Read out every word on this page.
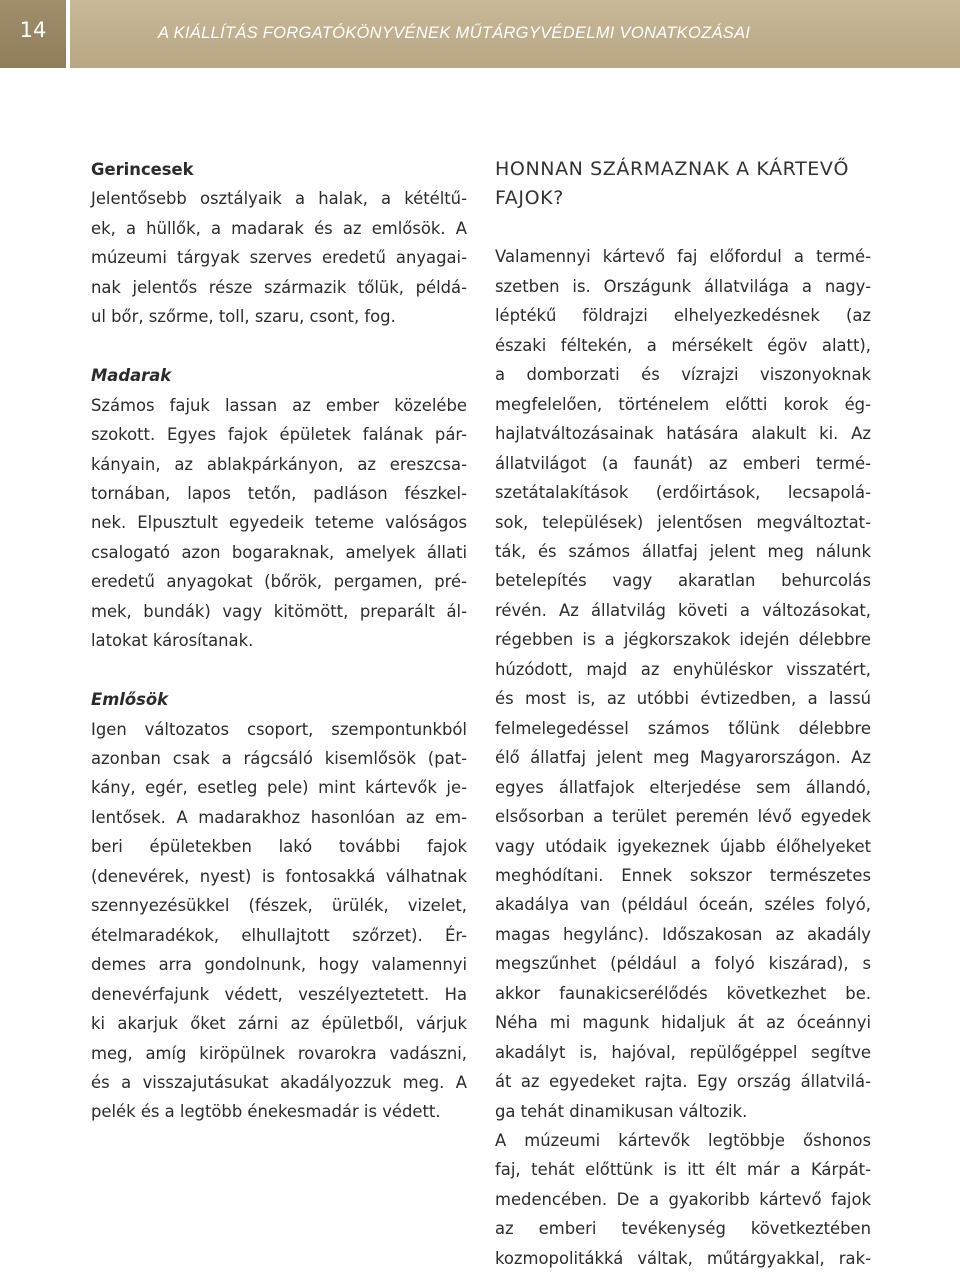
14	A KIÁLLÍTÁS FORGATÓKÖNYVÉNEK MŰTÁRGYVÉDELMI VONATKOZÁSAI

Gerincesek

Jelentősebb osztályaik a halak, a kétéltű-

ek, a hüllők, a madarak és az emlősök. A

múzeumi tárgyak szerves eredetű anyagai-

nak jelentős része származik tőlük, példá-

ul bőr, szőrme, toll, szaru, csont, fog.

Madarak

Számos fajuk lassan az ember közelébe

szokott. Egyes fajok épületek falának pár-

kányain, az ablakpárkányon, az ereszcsa-

tornában, lapos tetőn, padláson fészkel-

nek. Elpusztult egyedeik teteme valóságos

csalogató azon bogaraknak, amelyek állati

eredetű anyagokat (bőrök, pergamen, pré-

mek, bundák) vagy kitömött, preparált ál-

latokat károsítanak.

Emlősök

Igen változatos csoport, szempontunkból

azonban csak a rágcsáló kisemlősök (pat-

kány, egér, esetleg pele) mint kártevők je-

lentősek. A madarakhoz hasonlóan az em-

beri épületekben lakó további fajok

(denevérek, nyest) is fontosakká válhatnak

szennyezésükkel (fészek, ürülék, vizelet,

ételmaradékok, elhullajtott szőrzet). Ér-

demes arra gondolnunk, hogy valamennyi

denevérfajunk védett, veszélyeztetett. Ha

ki akarjuk őket zárni az épületből, várjuk

meg, amíg kiröpülnek rovarokra vadászni,

és a visszajutásukat akadályozzuk meg. A

pelék és a legtöbb énekesmadár is védett.

HONNAN SZÁRMAZNAK A KÁRTEVŐ

FAJOK?

Valamennyi kártevő faj előfordul a termé-

szetben is. Országunk állatvilága a nagy-

léptékű földrajzi elhelyezkedésnek (az

északi féltekén, a mérsékelt égöv alatt),

a domborzati és vízrajzi viszonyoknak

megfelelően, történelem előtti korok ég-

hajlatváltozásainak hatására alakult ki. Az

állatvilágot (a faunát) az emberi termé-

szetátalakítások (erdőirtások, lecsapolá-

sok, települések) jelentősen megváltoztat-

ták, és számos állatfaj jelent meg nálunk

betelepítés vagy akaratlan behurcolás

révén. Az állatvilág követi a változásokat,

régebben is a jégkorszakok idején délebbre

húzódott, majd az enyhüléskor visszatért,

és most is, az utóbbi évtizedben, a lassú

felmelegedéssel számos tőlünk délebbre

élő állatfaj jelent meg Magyarországon. Az

egyes állatfajok elterjedése sem állandó,

elsősorban a terület peremén lévő egyedek

vagy utódaik igyekeznek újabb élőhelyeket

meghódítani. Ennek sokszor természetes

akadálya van (például óceán, széles folyó,

magas hegylánc). Időszakosan az akadály

megszűnhet (például a folyó kiszárad), s

akkor faunakicserélődés következhet be.

Néha mi magunk hidaljuk át az óceánnyi

akadályt is, hajóval, repülőgéppel segítve

át az egyedeket rajta. Egy ország állatvilá-

ga tehát dinamikusan változik.

A múzeumi kártevők legtöbbje őshonos

faj, tehát előttünk is itt élt már a Kárpát-

medencében. De a gyakoribb kártevő fajok

az emberi tevékenység következtében

kozmopolitákká váltak, műtárgyakkal, rak-
